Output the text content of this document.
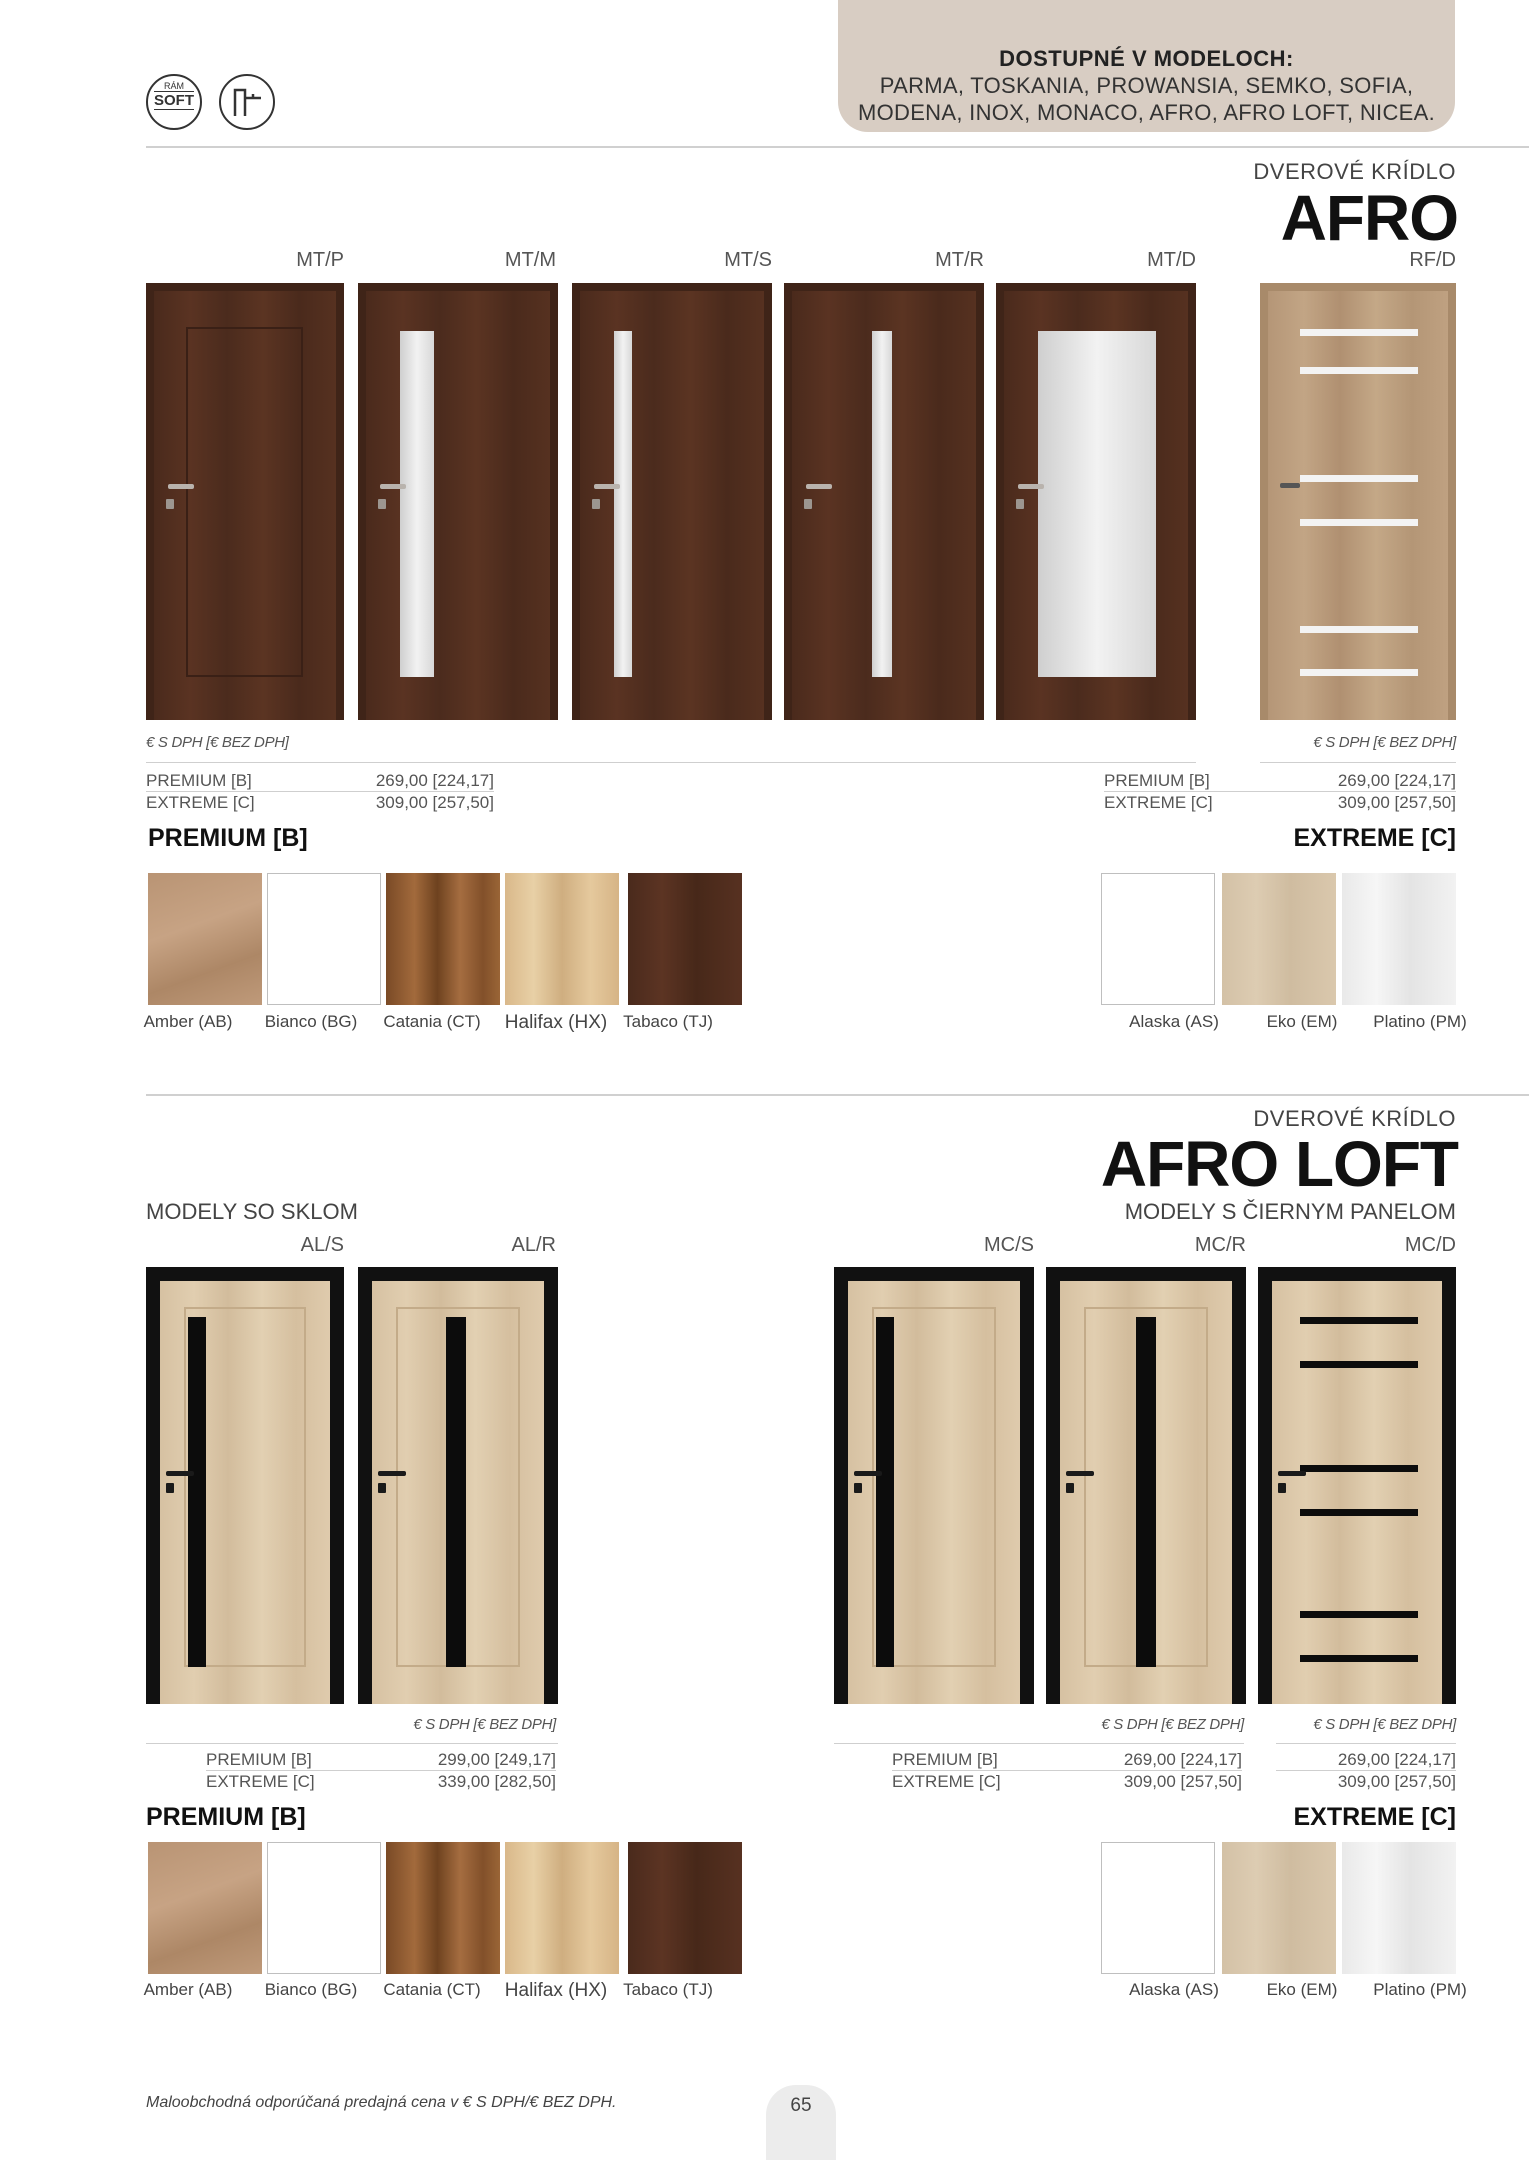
DOSTUPNÉ V MODELOCH:
PARMA, TOSKANIA, PROWANSIA, SEMKO, SOFIA,
MODENA, INOX, MONACO, AFRO, AFRO LOFT, NICEA.
RÁM
SOFT
DVEROVÉ KRÍDLO
AFRO
MT/P	MT/M	MT/S	MT/R	MT/D	RF/D
€ S DPH [€ BEZ DPH]	€ S DPH [€ BEZ DPH]
PREMIUM [B]	269,00 [224,17]
EXTREME [C]	309,00 [257,50]
PREMIUM [B]	269,00 [224,17]
EXTREME [C]	309,00 [257,50]
PREMIUM [B]	EXTREME [C]
Amber (AB)	Bianco (BG)	Catania (CT)	Halifax (HX) Tabaco (TJ)	Alaska (AS)	Eko (EM)	Platino (PM)
DVEROVÉ KRÍDLO
AFRO LOFT
MODELY SO SKLOM	MODELY S ČIERNYM PANELOM
AL/S	AL/R	MC/S	MC/R	MC/D
€ S DPH [€ BEZ DPH]	€ S DPH [€ BEZ DPH]	€ S DPH [€ BEZ DPH]
PREMIUM [B]	299,00 [249,17]
EXTREME [C]	339,00 [282,50]
PREMIUM [B]	269,00 [224,17]
EXTREME [C]	309,00 [257,50]
269,00 [224,17]
309,00 [257,50]
PREMIUM [B]	EXTREME [C]
Amber (AB)	Bianco (BG)	Catania (CT)	Halifax (HX) Tabaco (TJ)	Alaska (AS)	Eko (EM)	Platino (PM)
Maloobchodná odporúčaná predajná cena v € S DPH/€ BEZ DPH.	65
